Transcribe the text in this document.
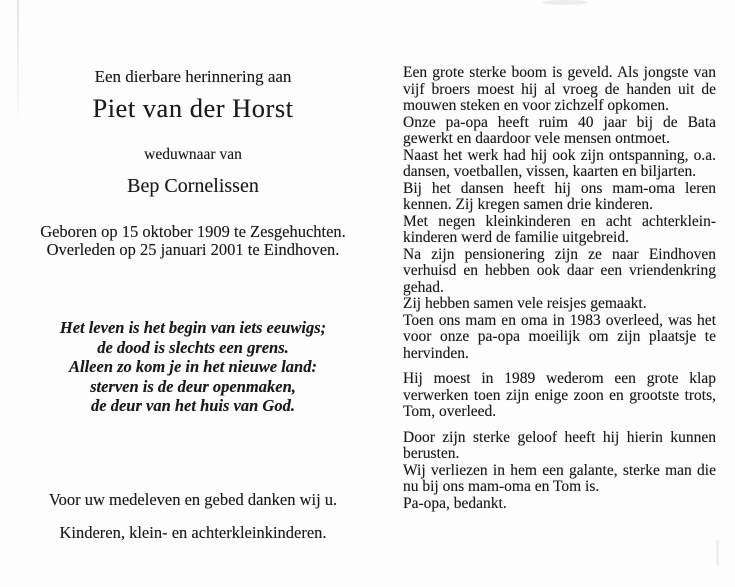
Een dierbare herinnering aan
Piet van der Horst
weduwnaar van
Bep Cornelissen
Geboren op 15 oktober 1909 te Zesgehuchten.
Overleden op 25 januari 2001 te Eindhoven.
Het leven is het begin van iets eeuwigs;
de dood is slechts een grens.
Alleen zo kom je in het nieuwe land:
sterven is de deur openmaken,
de deur van het huis van God.
Voor uw medeleven en gebed danken wij u.
Kinderen, klein- en achterkleinkinderen.

Een grote sterke boom is geveld. Als jongste van vijf broers moest hij al vroeg de handen uit de mouwen steken en voor zichzelf opkomen.

Onze pa-opa heeft ruim 40 jaar bij de Bata gewerkt en daardoor vele mensen ontmoet.

Naast het werk had hij ook zijn ontspanning, o.a. dansen, voetballen, vissen, kaarten en biljarten.

Bij het dansen heeft hij ons mam-oma leren kennen. Zij kregen samen drie kinderen.

Met negen kleinkinderen en acht achterkleinkinderen werd de familie uitgebreid.

Na zijn pensionering zijn ze naar Eindhoven verhuisd en hebben ook daar een vriendenkring gehad.

Zij hebben samen vele reisjes gemaakt.

Toen ons mam en oma in 1983 overleed, was het voor onze pa-opa moeilijk om zijn plaatsje te hervinden.

Hij moest in 1989 wederom een grote klap verwerken toen zijn enige zoon en grootste trots, Tom, overleed.

Door zijn sterke geloof heeft hij hierin kunnen berusten.

Wij verliezen in hem een galante, sterke man die nu bij ons mam-oma en Tom is.

Pa-opa, bedankt.
